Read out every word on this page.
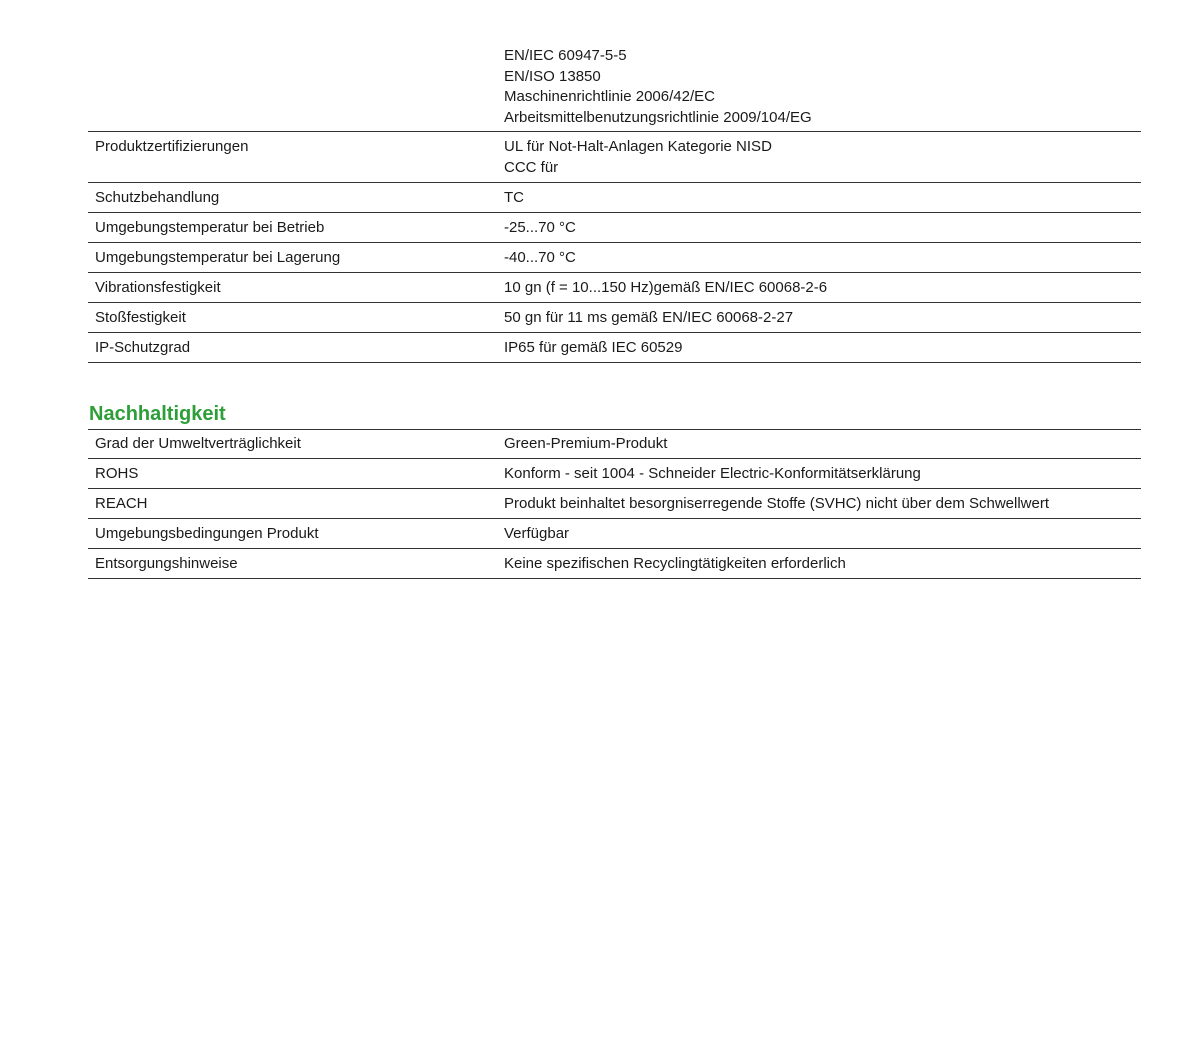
EN/IEC 60947-5-5
EN/ISO 13850
Maschinenrichtlinie 2006/42/EC
Arbeitsmittelbenutzungsrichtlinie 2009/104/EG
Produktzertifizierungen	UL für Not-Halt-Anlagen Kategorie NISD
CCC für
Schutzbehandlung	TC
Umgebungstemperatur bei Betrieb	-25...70 °C
Umgebungstemperatur bei Lagerung	-40...70 °C
Vibrationsfestigkeit	10 gn (f = 10...150 Hz)gemäß EN/IEC 60068-2-6
Stoßfestigkeit	50 gn für 11 ms gemäß EN/IEC 60068-2-27
IP-Schutzgrad	IP65 für gemäß IEC 60529
Nachhaltigkeit
Grad der Umweltverträglichkeit	Green-Premium-Produkt
ROHS	Konform - seit 1004 - Schneider Electric-Konformitätserklärung
REACH	Produkt beinhaltet besorgniserregende Stoffe (SVHC) nicht über dem Schwellwert
Umgebungsbedingungen Produkt	Verfügbar
Entsorgungshinweise	Keine spezifischen Recyclingtätigkeiten erforderlich
